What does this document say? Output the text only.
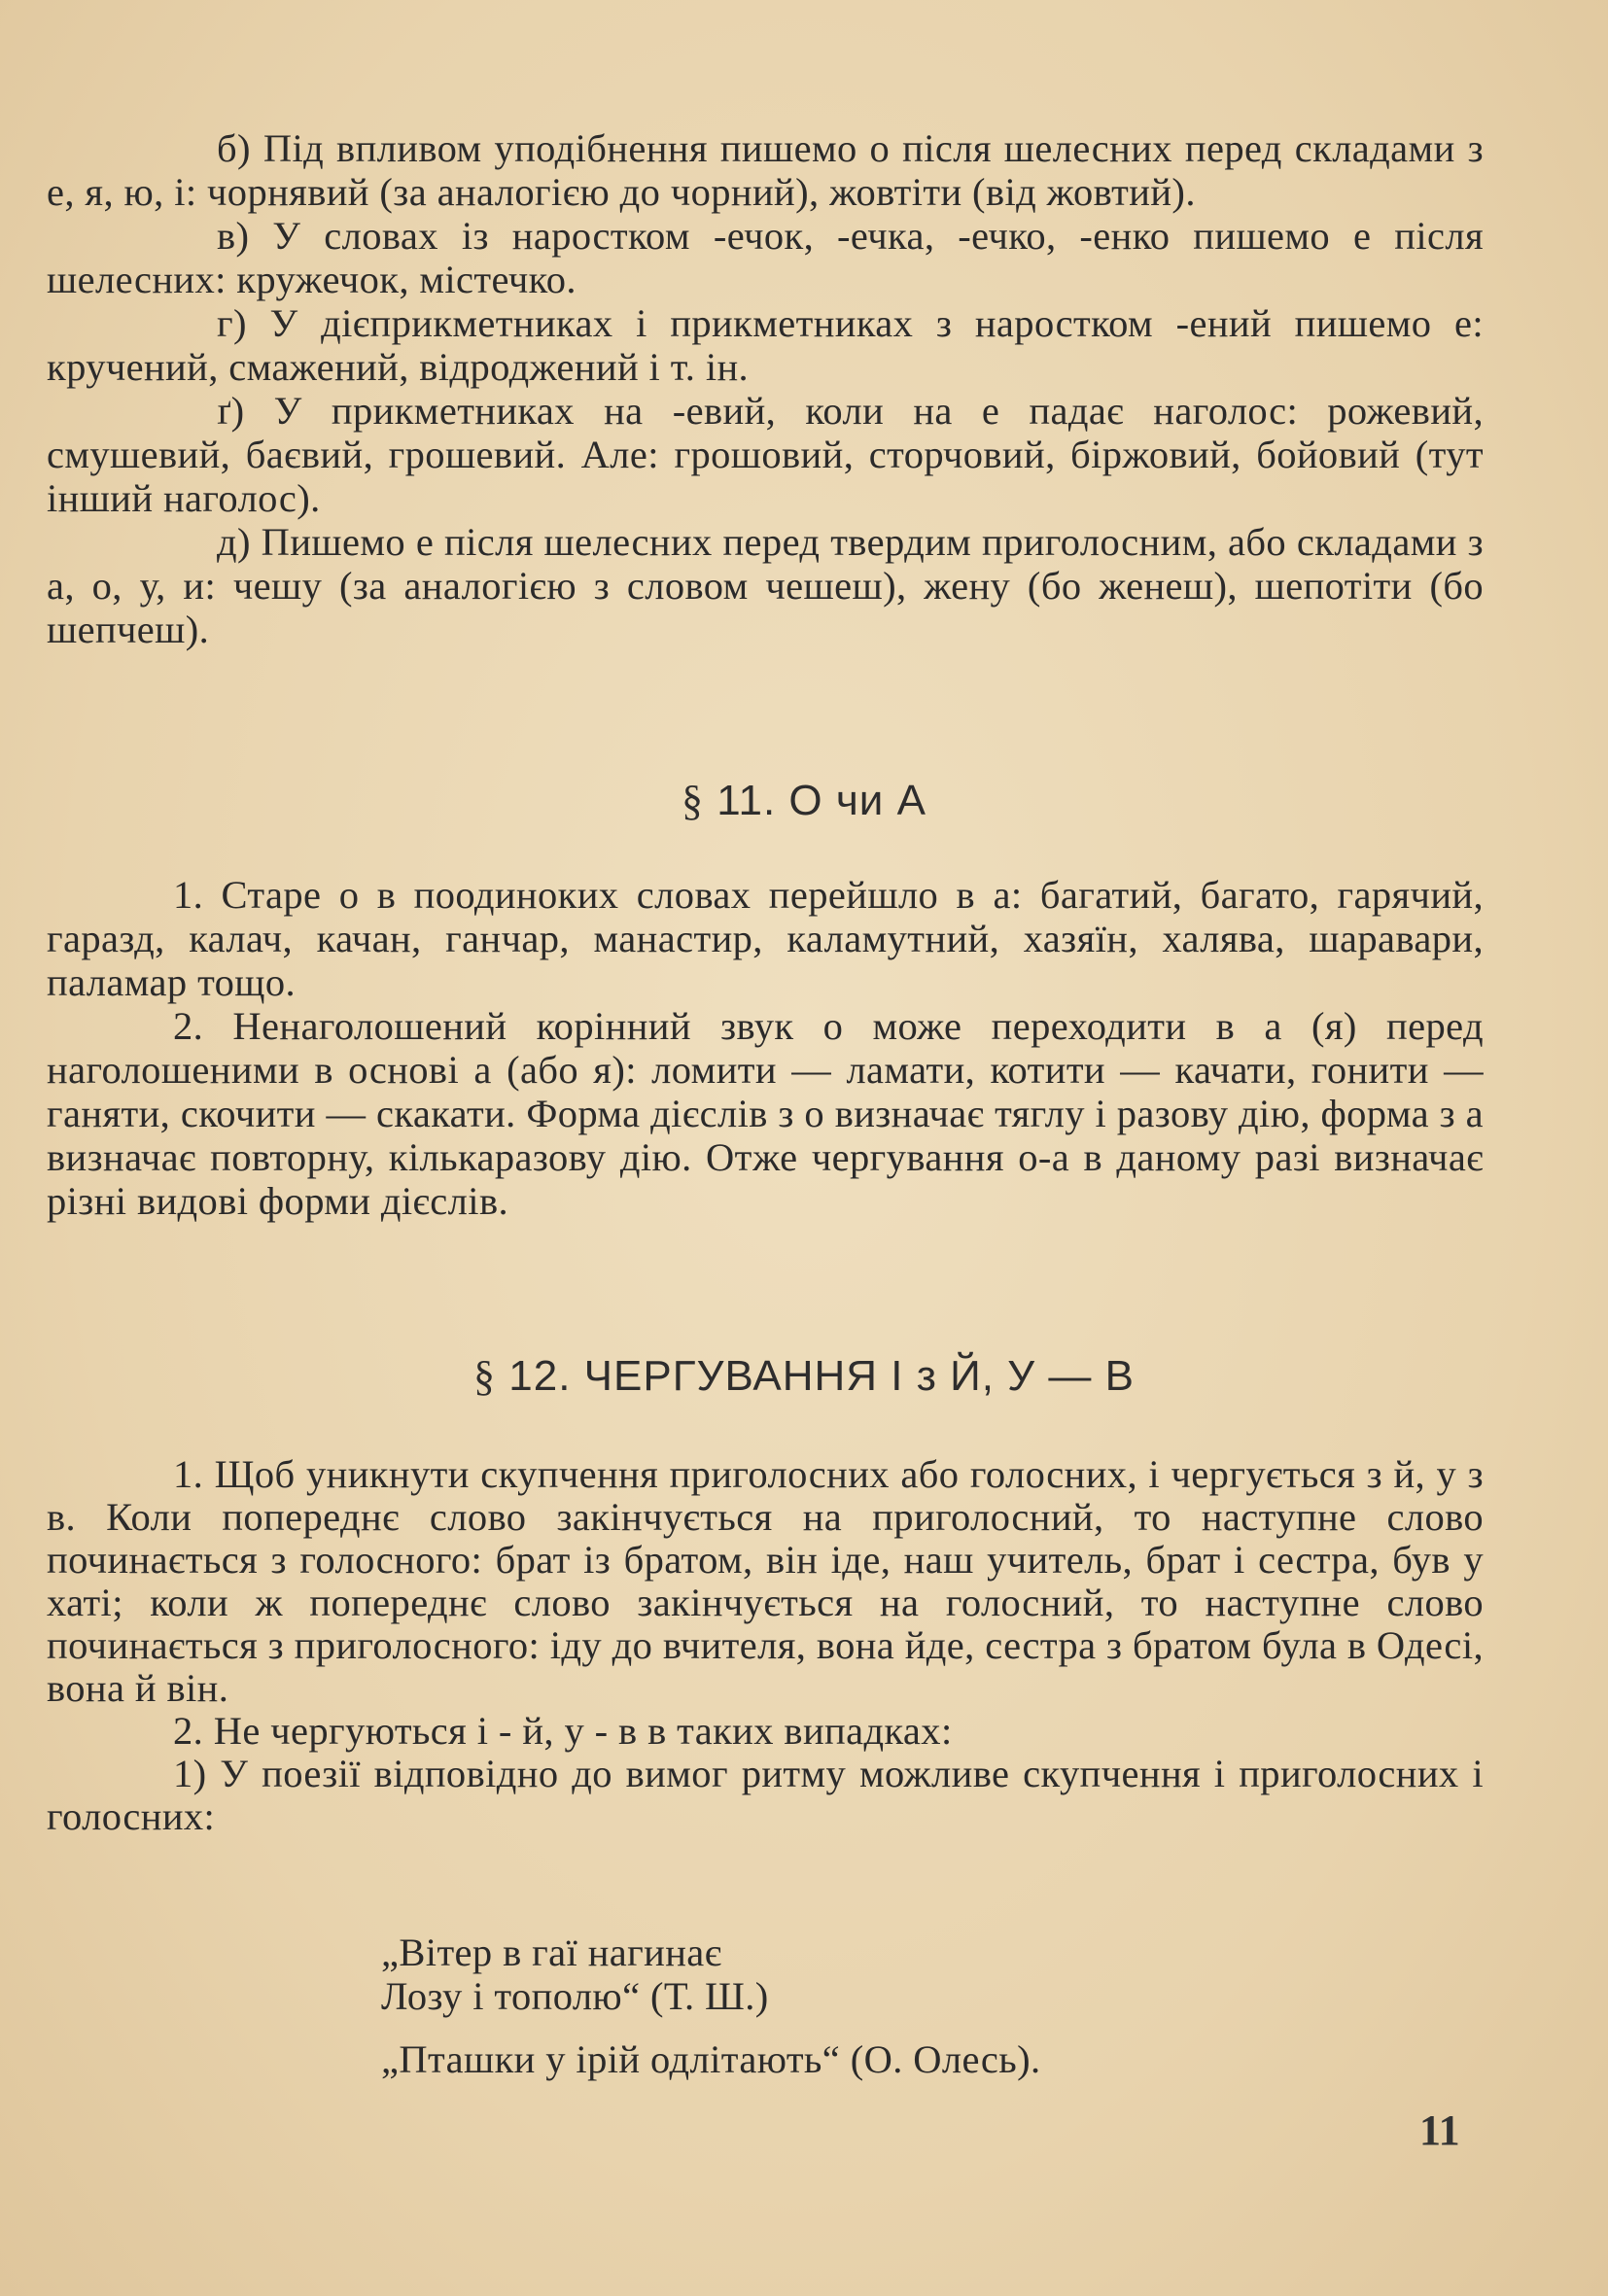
б) Під впливом уподібнення пишемо о після шелесних перед складами з е, я, ю, і: чорнявий (за аналогією до чорний), жовтіти (від жовтий).

в) У словах із наростком -ечок, -ечка, -ечко, -енко пишемо е після шелесних: кружечок, містечко.

г) У дієприкметниках і прикметниках з наростком -ений пишемо е: кручений, смажений, відроджений і т. ін.

ґ) У прикметниках на -евий, коли на е падає наголос: рожевий, смушевий, баєвий, грошевий. Але: грошовий, сторчовий, біржовий, бойовий (тут інший наголос).

д) Пишемо е після шелесних перед твердим приголосним, або складами з а, о, у, и: чешу (за аналогією з словом чешеш), жену (бо женеш), шепотіти (бо шепчеш).

§ 11. О чи А

1. Старе о в поодиноких словах перейшло в а: багатий, багато, гарячий, гаразд, калач, качан, ганчар, манастир, каламутний, хазяїн, халява, шаравари, паламар тощо.

2. Ненаголошений корінний звук о може переходити в а (я) перед наголошеними в основі а (або я): ломити — ламати, котити — качати, гонити — ганяти, скочити — скакати. Форма дієслів з о визначає тяглу і разову дію, форма з а визначає повторну, кількаразову дію. Отже чергування о-а в даному разі визначає різні видові форми дієслів.

§ 12. ЧЕРГУВАННЯ І з Й, У — В

1. Щоб уникнути скупчення приголосних або голосних, і чергується з й, у з в. Коли попереднє слово закінчується на приголосний, то наступне слово починається з голосного: брат із братом, він іде, наш учитель, брат і сестра, був у хаті; коли ж попереднє слово закінчується на голосний, то наступне слово починається з приголосного: іду до вчителя, вона йде, сестра з братом була в Одесі, вона й він.

2. Не чергуються і - й, у - в в таких випадках:

1) У поезії відповідно до вимог ритму можливе скупчення і приголосних і голосних:

„Вітер в гаї нагинає
Лозу і тополю“ (Т. Ш.)
„Пташки у ірій одлітають“ (О. Олесь).
11
